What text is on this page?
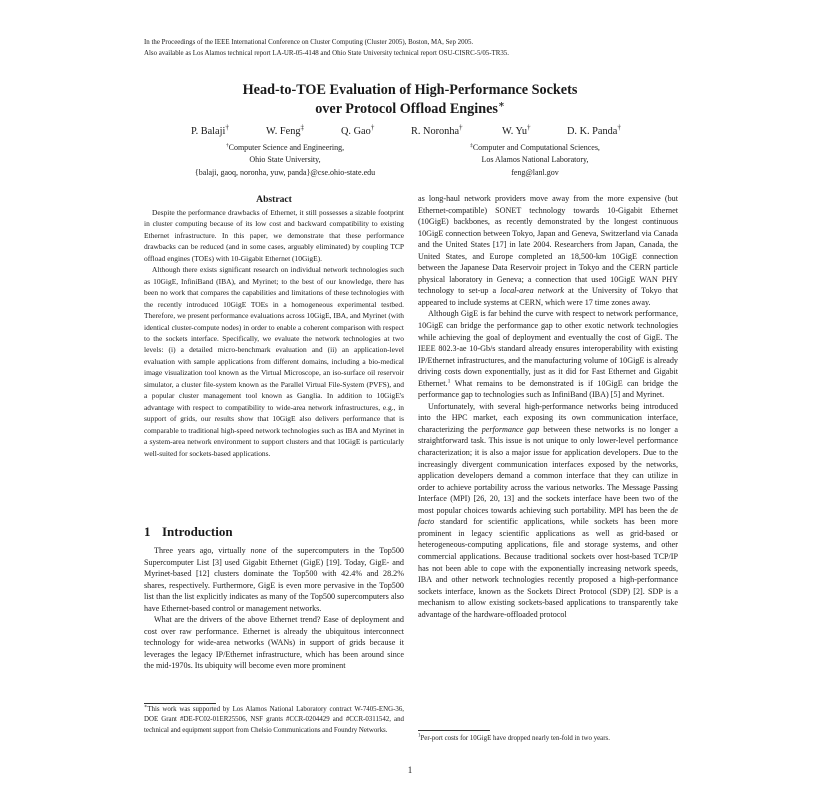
In the Proceedings of the IEEE International Conference on Cluster Computing (Cluster 2005), Boston, MA, Sep 2005.
Also available as Los Alamos technical report LA-UR-05-4148 and Ohio State University technical report OSU-CISRC-5/05-TR35.
Head-to-TOE Evaluation of High-Performance Sockets
over Protocol Offload Engines∗
P. Balaji†	W. Feng‡	Q. Gao†	R. Noronha†	W. Yu†	D. K. Panda†
†Computer Science and Engineering,
Ohio State University,
{balaji, gaoq, noronha, yuw, panda}@cse.ohio-state.edu
‡Computer and Computational Sciences,
Los Alamos National Laboratory,
feng@lanl.gov
Abstract

Despite the performance drawbacks of Ethernet, it still possesses a sizable footprint in cluster computing because of its low cost and backward compatibility to existing Ethernet infrastructure. In this paper, we demonstrate that these performance drawbacks can be reduced (and in some cases, arguably eliminated) by coupling TCP offload engines (TOEs) with 10-Gigabit Ethernet (10GigE).

Although there exists significant research on individual network technologies such as 10GigE, InfiniBand (IBA), and Myrinet; to the best of our knowledge, there has been no work that compares the capabilities and limitations of these technologies with the recently introduced 10GigE TOEs in a homogeneous experimental testbed. Therefore, we present performance evaluations across 10GigE, IBA, and Myrinet (with identical cluster-compute nodes) in order to enable a coherent comparison with respect to the sockets interface. Specifically, we evaluate the network technologies at two levels: (i) a detailed micro-benchmark evaluation and (ii) an application-level evaluation with sample applications from different domains, including a bio-medical image visualization tool known as the Virtual Microscope, an iso-surface oil reservoir simulator, a cluster file-system known as the Parallel Virtual File-System (PVFS), and a popular cluster management tool known as Ganglia. In addition to 10GigE's advantage with respect to compatibility to wide-area network infrastructures, e.g., in support of grids, our results show that 10GigE also delivers performance that is comparable to traditional high-speed network technologies such as IBA and Myrinet in a system-area network environment to support clusters and that 10GigE is particularly well-suited for sockets-based applications.

1 Introduction

Three years ago, virtually none of the supercomputers in the Top500 Supercomputer List [3] used Gigabit Ethernet (GigE) [19]. Today, GigE- and Myrinet-based [12] clusters dominate the Top500 with 42.4% and 28.2% shares, respectively. Furthermore, GigE is even more pervasive in the Top500 list than the list explicitly indicates as many of the Top500 supercomputers also have Ethernet-based control or management networks.

What are the drivers of the above Ethernet trend? Ease of deployment and cost over raw performance. Ethernet is already the ubiquitous interconnect technology for wide-area networks (WANs) in support of grids because it leverages the legacy IP/Ethernet infrastructure, which has been around since the mid-1970s. Its ubiquity will become even more prominent

∗This work was supported by Los Alamos National Laboratory contract W-7405-ENG-36, DOE Grant #DE-FC02-01ER25506, NSF grants #CCR-0204429 and #CCR-0311542, and technical and equipment support from Chelsio Communications and Foundry Networks.

as long-haul network providers move away from the more expensive (but Ethernet-compatible) SONET technology towards 10-Gigabit Ethernet (10GigE) backbones, as recently demonstrated by the longest continuous 10GigE connection between Tokyo, Japan and Geneva, Switzerland via Canada and the United States [17] in late 2004. Researchers from Japan, Canada, the United States, and Europe completed an 18,500-km 10GigE connection between the Japanese Data Reservoir project in Tokyo and the CERN particle physical laboratory in Geneva; a connection that used 10GigE WAN PHY technology to set-up a local-area network at the University of Tokyo that appeared to include systems at CERN, which were 17 time zones away.

Although GigE is far behind the curve with respect to network performance, 10GigE can bridge the performance gap to other exotic network technologies while achieving the goal of deployment and eventually the cost of GigE. The IEEE 802.3-ae 10-Gb/s standard already ensures interoperability with existing IP/Ethernet infrastructures, and the manufacturing volume of 10GigE is already driving costs down exponentially, just as it did for Fast Ethernet and Gigabit Ethernet.$^1$ What remains to be demonstrated is if 10GigE can bridge the performance gap to technologies such as InfiniBand (IBA) [5] and Myrinet.

Unfortunately, with several high-performance networks being introduced into the HPC market, each exposing its own communication interface, characterizing the performance gap between these networks is no longer a straightforward task. This issue is not unique to only lower-level performance characterization; it is also a major issue for application developers. Due to the increasingly divergent communication interfaces exposed by the networks, application developers demand a common interface that they can utilize in order to achieve portability across the various networks. The Message Passing Interface (MPI) [26, 20, 13] and the sockets interface have been two of the most popular choices towards achieving such portability. MPI has been the de facto standard for scientific applications, while sockets has been more prominent in legacy scientific applications as well as grid-based or heterogeneous-computing applications, file and storage systems, and other commercial applications. Because traditional sockets over host-based TCP/IP has not been able to cope with the exponentially increasing network speeds, IBA and other network technologies recently proposed a high-performance sockets interface, known as the Sockets Direct Protocol (SDP) [2]. SDP is a mechanism to allow existing sockets-based applications to transparently take advantage of the hardware-offloaded protocol

$^1$Per-port costs for 10GigE have dropped nearly ten-fold in two years.
1
